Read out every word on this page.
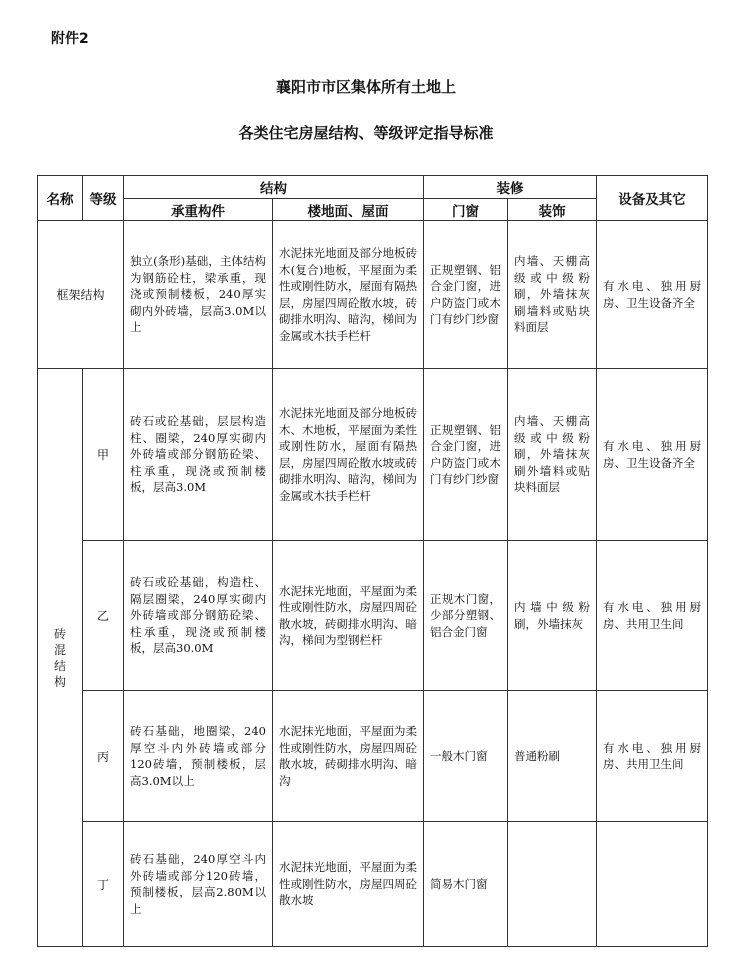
附件2
襄阳市市区集体所有土地上
各类住宅房屋结构、等级评定指导标准
名称	等级	结构		装修		设备及其它
		承重构件	楼地面、屋面	门窗	装饰	

框架结构		独立(条形)基础，主体结构为钢筋砼柱，梁承重，现浇或预制楼板，240厚实砌内外砖墙，层高3.0M以上	水泥抹光地面及部分地板砖木(复合)地板，平屋面为柔性或刚性防水，屋面有隔热层，房屋四周砼散水坡，砖砌排水明沟、暗沟，梯间为金属或木扶手栏杆	正规塑钢、铝合金门窗，进户防盗门或木门有纱门纱窗	内墙、天棚高级或中级粉刷，外墙抹灰刷墙料或贴块料面层	有水电、独用厨房、卫生设备齐全

砖混结构	甲	砖石或砼基础，层层构造柱、圈梁，240厚实砌内外砖墙或部分钢筋砼梁、柱承重，现浇或预制楼板，层高3.0M	水泥抹光地面及部分地板砖木、木地板，平屋面为柔性或刚性防水，屋面有隔热层，房屋四周砼散水坡或砖砌排水明沟、暗沟，梯间为金属或木扶手栏杆	正规塑钢、铝合金门窗，进户防盗门或木门有纱门纱窗	内墙、天棚高级或中级粉刷，外墙抹灰刷外墙料或贴块料面层	有水电、独用厨房、卫生设备齐全

	乙	砖石或砼基础，构造柱、隔层圈梁，240厚实砌内外砖墙或部分钢筋砼梁、柱承重，现浇或预制楼板，层高30.0M	水泥抹光地面，平屋面为柔性或刚性防水，房屋四周砼散水坡，砖砌排水明沟、暗沟，梯间为型钢栏杆	正规木门窗，少部分塑钢、铝合金门窗	内墙中级粉刷，外墙抹灰	有水电、独用厨房、共用卫生间

	丙	砖石基础，地圈梁，240厚空斗内外砖墙或部分120砖墙，预制楼板，层高3.0M以上	水泥抹光地面，平屋面为柔性或刚性防水，房屋四周砼散水坡，砖砌排水明沟、暗沟	一般木门窗	普通粉刷	有水电、独用厨房、共用卫生间

	丁	砖石基础，240厚空斗内外砖墙或部分120砖墙，预制楼板，层高2.80M以上	水泥抹光地面，平屋面为柔性或刚性防水，房屋四周砼散水坡	简易木门窗		
